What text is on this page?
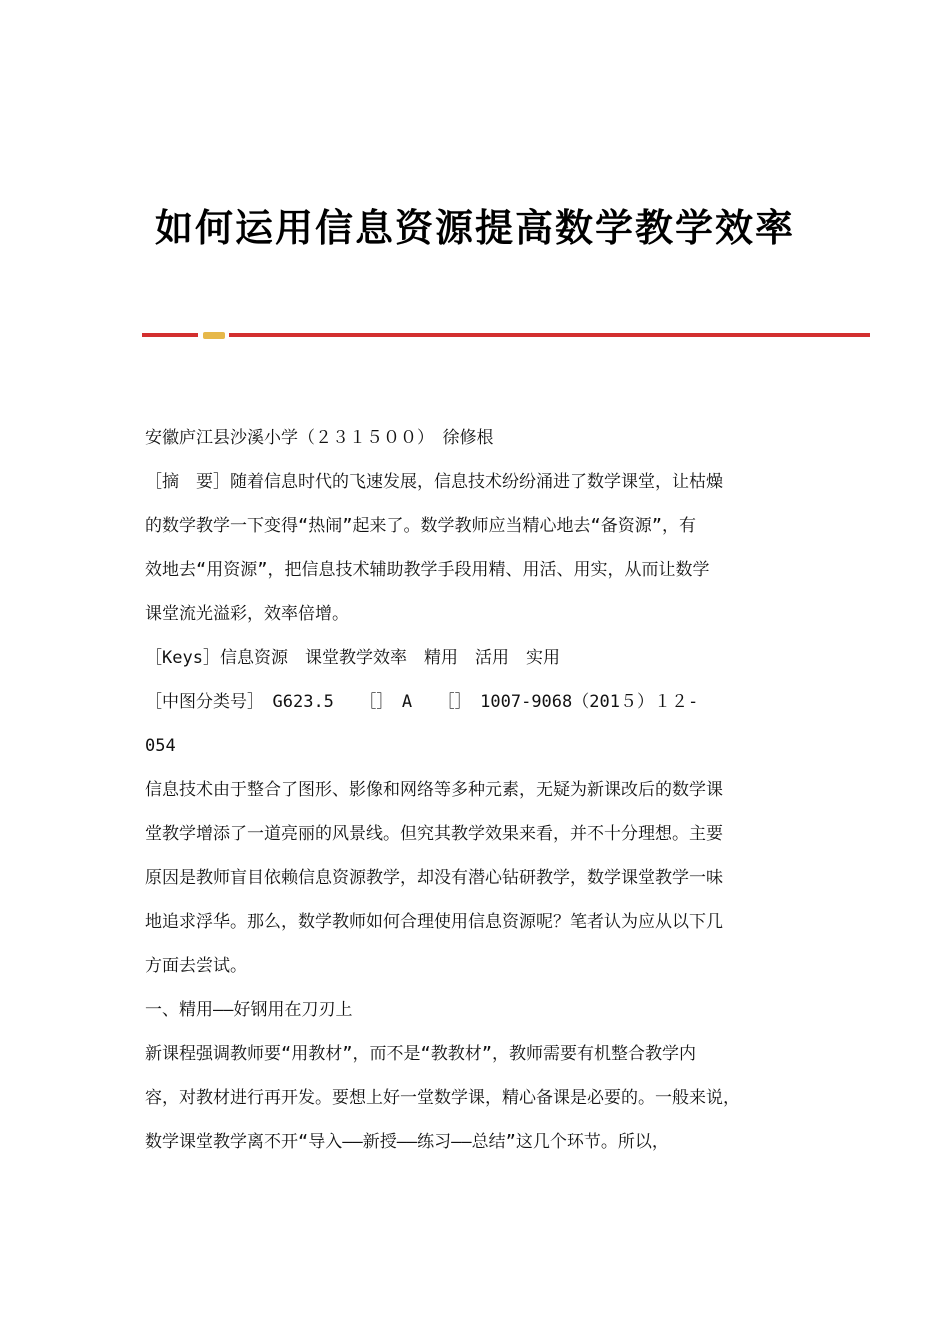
如何运用信息资源提高数学教学效率

安徽庐江县沙溪小学（２３１５００）　徐修根

［摘　要］随着信息时代的飞速发展，信息技术纷纷涌进了数学课堂，让枯燥

的数学教学一下变得“热闹”起来了。数学教师应当精心地去“备资源”，有

效地去“用资源”，把信息技术辅助教学手段用精、用活、用实，从而让数学

课堂流光溢彩，效率倍增。

［Keys］信息资源　课堂教学效率　精用　活用　实用

［中图分类号］　G623.5　　［］　A　　［］　1007-9068（201５）１２-

054

信息技术由于整合了图形、影像和网络等多种元素，无疑为新课改后的数学课

堂教学增添了一道亮丽的风景线。但究其教学效果来看，并不十分理想。主要

原因是教师盲目依赖信息资源教学，却没有潜心钻研教学，数学课堂教学一味

地追求浮华。那么，数学教师如何合理使用信息资源呢？笔者认为应从以下几

方面去尝试。

一、精用——好钢用在刀刃上

新课程强调教师要“用教材”，而不是“教教材”，教师需要有机整合教学内

容，对教材进行再开发。要想上好一堂数学课，精心备课是必要的。一般来说，

数学课堂教学离不开“导入——新授——练习——总结”这几个环节。所以，
